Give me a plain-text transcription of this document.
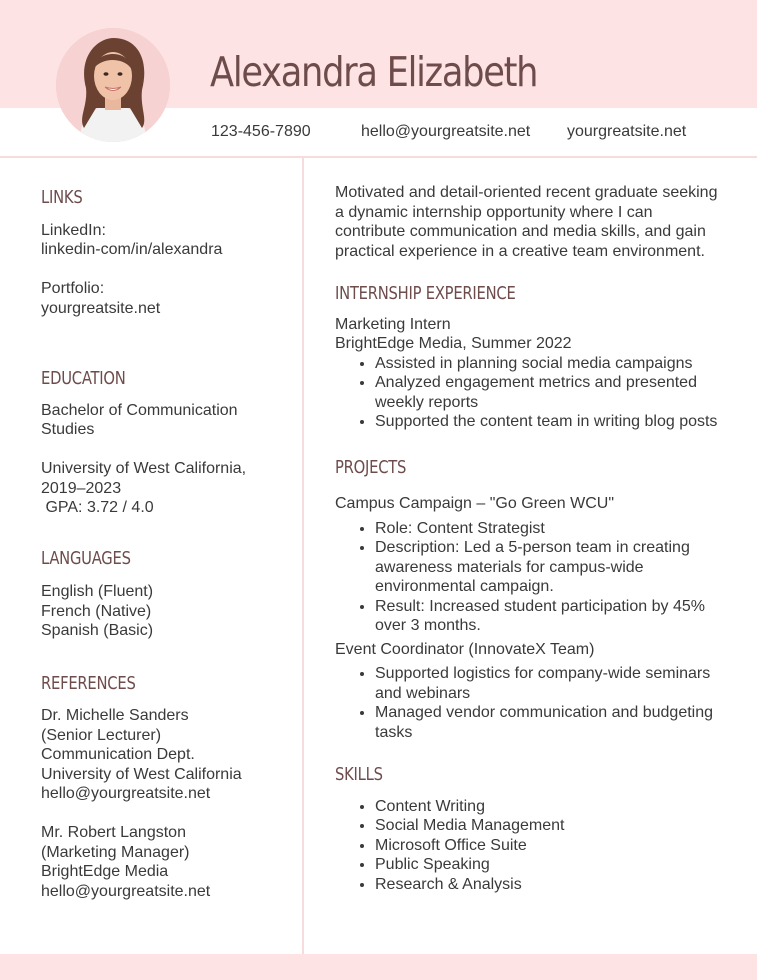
Alexandra Elizabeth
123-456-7890	hello@yourgreatsite.net yourgreatsite.net
LINKS

LinkedIn:

linkedin-com/in/alexandra

Portfolio:

yourgreatsite.net

EDUCATION

Bachelor of Communication Studies

University of West California,

2019–2023

GPA: 3.72 / 4.0

LANGUAGES

English (Fluent)

French (Native)

Spanish (Basic)

REFERENCES

Dr. Michelle Sanders

(Senior Lecturer)

Communication Dept.

University of West California

hello@yourgreatsite.net

Mr. Robert Langston

(Marketing Manager)

BrightEdge Media

hello@yourgreatsite.net

Motivated and detail-oriented recent graduate seeking a dynamic internship opportunity where I can contribute communication and media skills, and gain practical experience in a creative team environment.

INTERNSHIP EXPERIENCE

Marketing Intern

BrightEdge Media, Summer 2022

• Assisted in planning social media campaigns
• Analyzed engagement metrics and presented weekly reports
• Supported the content team in writing blog posts
PROJECTS

Campus Campaign – "Go Green WCU"

• Role: Content Strategist
• Description: Led a 5-person team in creating awareness materials for campus-wide environmental campaign.
• Result: Increased student participation by 45% over 3 months.

Event Coordinator (InnovateX Team)

• Supported logistics for company-wide seminars and webinars
• Managed vendor communication and budgeting tasks
SKILLS
• Content Writing
• Social Media Management
• Microsoft Office Suite
• Public Speaking
• Research & Analysis
